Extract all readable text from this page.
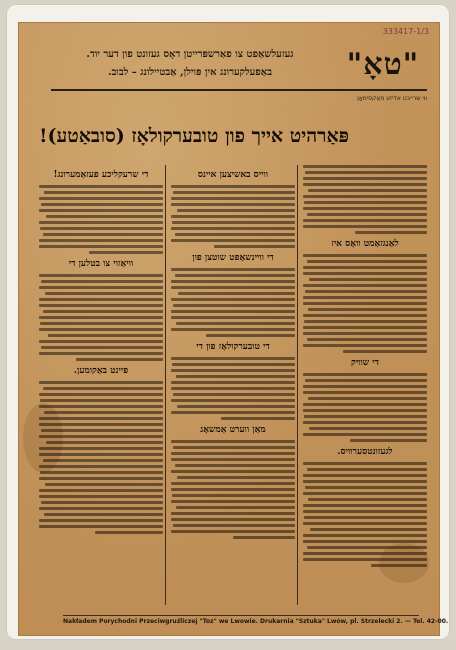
333417-1/3
"טאָ"
געזעלשאַפט צו פאַרשפּרייטן דאָס געזונט פון דער יוד.
באַפעלקערונג אין פּוילן, אַבטיילונג – לבוב.
ווי שרייבט אליזע מאַקסימאָן
פּאַרהיט אייך פון טובערקולאָז (סובאַטע)!
די שרעקליכע פעזאַמערונג!
וויאַזוי צו בטלען די
פיינט באַקומען.
ווייס באשיצען איינס
די וויינשאָפט שוטצן פון
די טובערקולאָז פון די
מאַן ווערט אַמשאָנ
לאַנגזאַמט וואָס איז
די שוויק
לגעזונטסערוויס.
Nakładem Porychodni Przeciwgruźliczej "Toz" we Lwowie. Drukarnia "Sztuka" Lwów, pl. Strzelecki 2. — Tel. 42-00.
